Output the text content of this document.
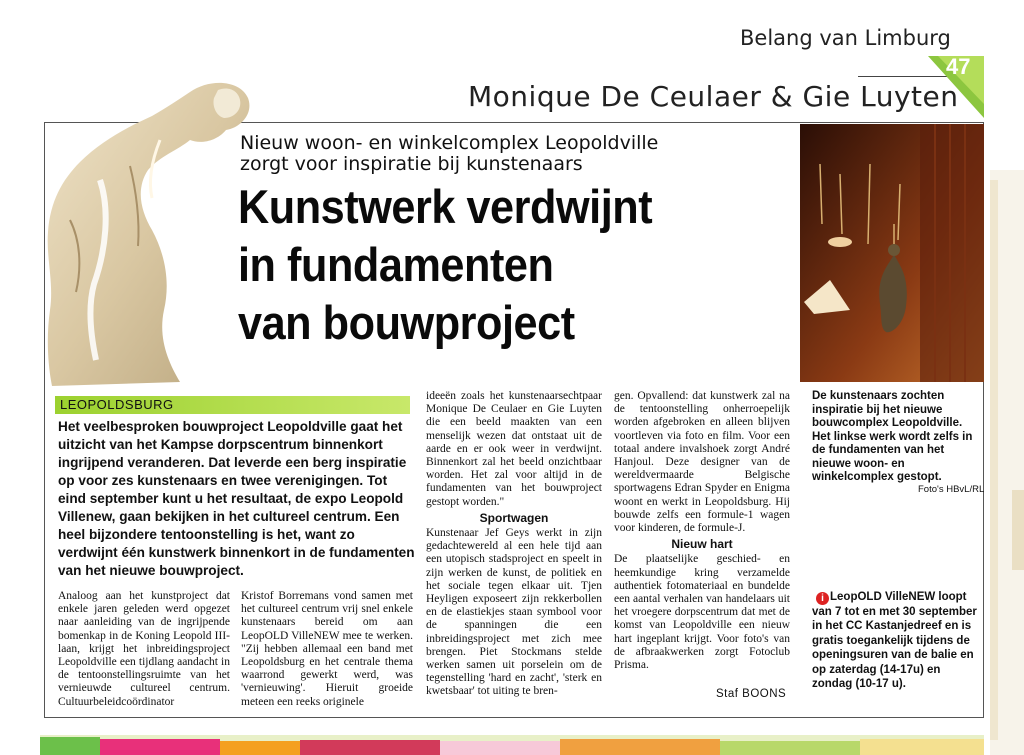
Belang van Limburg
47
Monique De Ceulaer & Gie Luyten
Nieuw woon- en winkelcomplex Leopoldville
zorgt voor inspiratie bij kunstenaars
Kunstwerk verdwijnt
in fundamenten
van bouwproject
De kunstenaars zochten inspiratie bij het nieuwe bouwcomplex Leopoldville. Het linkse werk wordt zelfs in de fundamenten van het nieuwe woon- en winkelcomplex gestopt.
Foto's HBvL/RL
LEOPOLDSBURG
Het veelbesproken bouwproject Leopoldville gaat het uitzicht van het Kampse dorpscentrum binnenkort ingrijpend veranderen. Dat leverde een berg inspiratie op voor zes kunstenaars en twee verenigingen. Tot eind september kunt u het resultaat, de expo Leopold Villenew, gaan bekijken in het cultureel centrum. Een heel bijzondere tentoonstelling is het, want zo verdwijnt één kunstwerk binnenkort in de fundamenten van het nieuwe bouwproject.
Analoog aan het kunstproject dat enkele jaren geleden werd opgezet naar aanleiding van de ingrijpende bomenkap in de Koning Leopold III-laan, krijgt het inbreidingsproject Leopoldville een tijdlang aandacht in de tentoonstellingsruimte van het vernieuwde cultureel centrum. Cultuurbeleidcoördinator
Kristof Borremans vond samen met het cultureel centrum vrij snel enkele kunstenaars bereid om aan LeopOLD VilleNEW mee te werken. "Zij hebben allemaal een band met Leopoldsburg en het centrale thema waarrond gewerkt werd, was 'vernieuwing'. Hieruit groeide meteen een reeks originele
ideeën zoals het kunstenaarsechtpaar Monique De Ceulaer en Gie Luyten die een beeld maakten van een menselijk wezen dat ontstaat uit de aarde en er ook weer in verdwijnt. Binnenkort zal het beeld onzichtbaar worden. Het zal voor altijd in de fundamenten van het bouwproject gestopt worden."
Sportwagen
Kunstenaar Jef Geys werkt in zijn gedachtewereld al een hele tijd aan een utopisch stadsproject en speelt in zijn werken de kunst, de politiek en het sociale tegen elkaar uit. Tjen Heyligen exposeert zijn rekkerbollen en de elastiekjes staan symbool voor de spanningen die een inbreidingsproject met zich mee brengen. Piet Stockmans stelde werken samen uit porselein om de tegenstelling 'hard en zacht', 'sterk en kwetsbaar' tot uiting te bren-
gen. Opvallend: dat kunstwerk zal na de tentoonstelling onherroepelijk worden afgebroken en alleen blijven voortleven via foto en film. Voor een totaal andere invalshoek zorgt André Hanjoul. Deze designer van de wereldvermaarde Belgische sportwagens Edran Spyder en Enigma woont en werkt in Leopoldsburg. Hij bouwde zelfs een formule-1 wagen voor kinderen, de formule-J.
Nieuw hart
De plaatselijke geschied- en heemkundige kring verzamelde authentiek fotomateriaal en bundelde een aantal verhalen van handelaars uit het vroegere dorpscentrum dat met de komst van Leopoldville een nieuw hart ingeplant krijgt. Voor foto's van de afbraakwerken zorgt Fotoclub Prisma.
Staf BOONS
i LeopOLD VilleNEW loopt van 7 tot en met 30 september in het CC Kastanjedreef en is gratis toegankelijk tijdens de openingsuren van de balie en op zaterdag (14-17u) en zondag (10-17 u).
